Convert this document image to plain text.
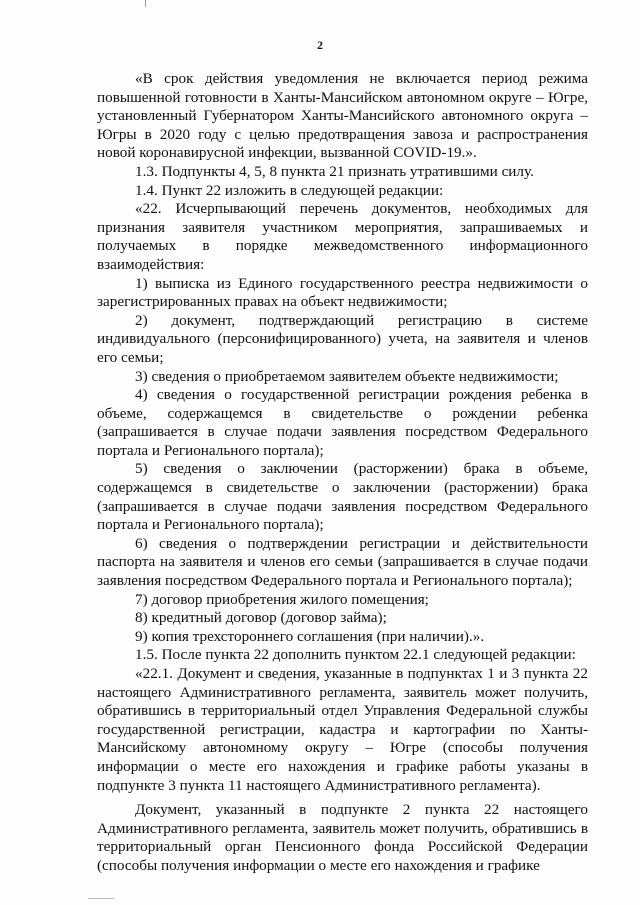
2

«В срок действия уведомления не включается период режима повышенной готовности в Ханты-Мансийском автономном округе – Югре, установленный Губернатором Ханты-Мансийского автономного округа – Югры в 2020 году с целью предотвращения завоза и распространения новой коронавирусной инфекции, вызванной COVID-19.».

1.3. Подпункты 4, 5, 8 пункта 21 признать утратившими силу.

1.4. Пункт 22 изложить в следующей редакции:

«22. Исчерпывающий перечень документов, необходимых для признания заявителя участником мероприятия, запрашиваемых и получаемых в порядке межведомственного информационного взаимодействия:

1) выписка из Единого государственного реестра недвижимости о зарегистрированных правах на объект недвижимости;

2) документ, подтверждающий регистрацию в системе индивидуального (персонифицированного) учета, на заявителя и членов его семьи;

3) сведения о приобретаемом заявителем объекте недвижимости;

4) сведения о государственной регистрации рождения ребенка в объеме, содержащемся в свидетельстве о рождении ребенка (запрашивается в случае подачи заявления посредством Федерального портала и Регионального портала);

5) сведения о заключении (расторжении) брака в объеме, содержащемся в свидетельстве о заключении (расторжении) брака (запрашивается в случае подачи заявления посредством Федерального портала и Регионального портала);

6) сведения о подтверждении регистрации и действительности паспорта на заявителя и членов его семьи (запрашивается в случае подачи заявления посредством Федерального портала и Регионального портала);

7) договор приобретения жилого помещения;

8) кредитный договор (договор займа);

9) копия трехстороннего соглашения (при наличии).».

1.5. После пункта 22 дополнить пунктом 22.1 следующей редакции:

«22.1. Документ и сведения, указанные в подпунктах 1 и 3 пункта 22 настоящего Административного регламента, заявитель может получить, обратившись в территориальный отдел Управления Федеральной службы государственной регистрации, кадастра и картографии по Ханты-Мансийскому автономному округу – Югре (способы получения информации о месте его нахождения и графике работы указаны в подпункте 3 пункта 11 настоящего Административного регламента).

Документ, указанный в подпункте 2 пункта 22 настоящего Административного регламента, заявитель может получить, обратившись в территориальный орган Пенсионного фонда Российской Федерации (способы получения информации о месте его нахождения и графике
